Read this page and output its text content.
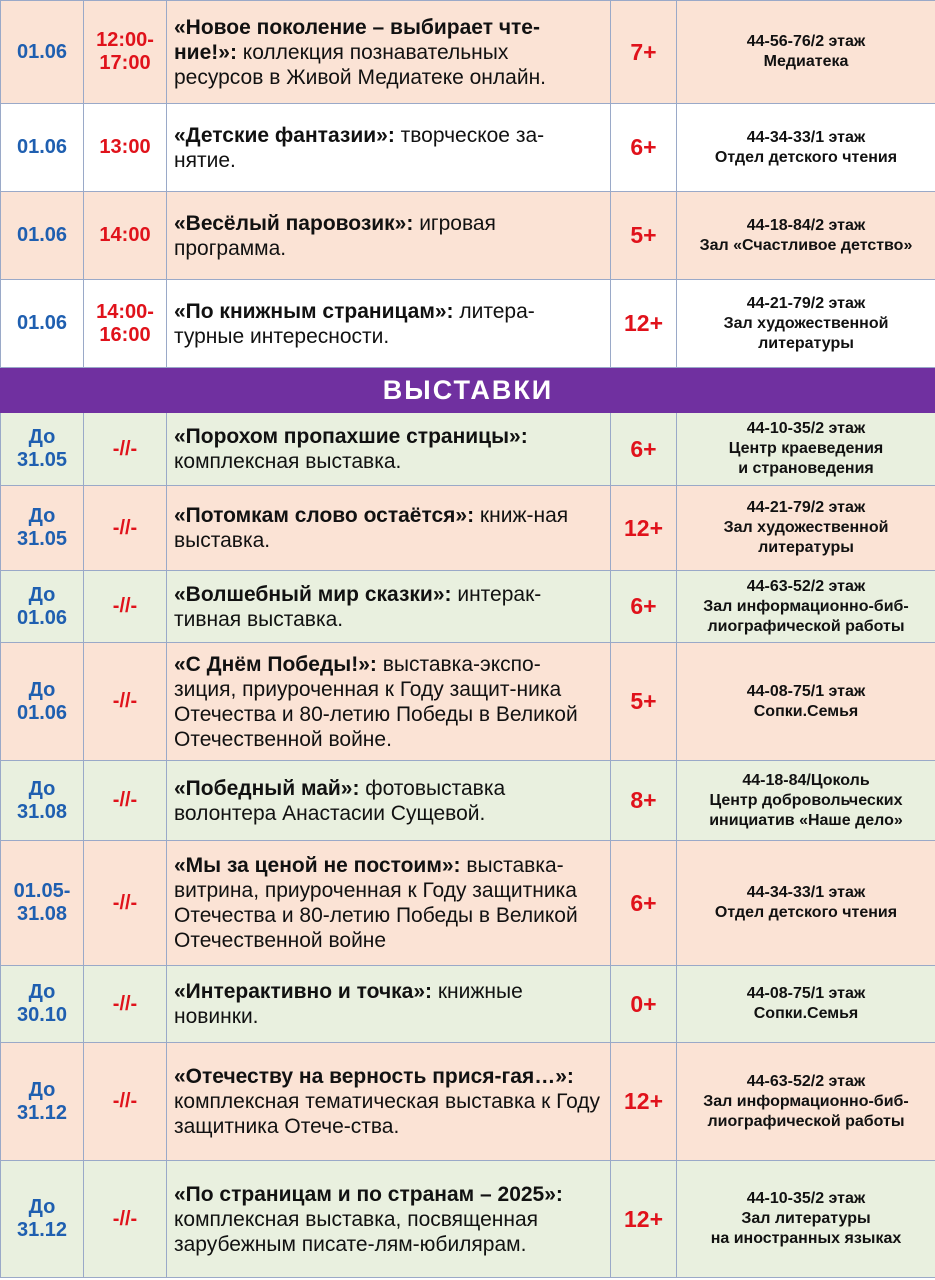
01.06	12:00-
17:00	«Новое поколение – выбирает чте-ние!»: коллекция познавательных ресурсов в Живой Медиатеке онлайн.	7+	44-56-76/2 этаж
Медиатека

01.06	13:00	«Детские фантазии»: творческое за-нятие.	6+	44-34-33/1 этаж
Отдел детского чтения

01.06	14:00	«Весёлый паровозик»: игровая программа.	5+	44-18-84/2 этаж
Зал «Счастливое детство»

01.06	14:00-
16:00	«По книжным страницам»: литера-турные интересности.	12+	44-21-79/2 этаж
Зал художественной
литературы

ВЫСТАВКИ				

До
31.05	-//-	«Порохом пропахшие страницы»: комплексная выставка.	6+	44-10-35/2 этаж
Центр краеведения
и страноведения

До
31.05	-//-	«Потомкам слово остаётся»: книж-ная выставка.	12+	44-21-79/2 этаж
Зал художественной
литературы

До
01.06	-//-	«Волшебный мир сказки»: интерак-тивная выставка.	6+	44-63-52/2 этаж
Зал информационно-биб-
лиографической работы

До
01.06	-//-	«С Днём Победы!»: выставка-экспо-зиция, приуроченная к Году защит-ника Отечества и 80-летию Победы в Великой Отечественной войне.	5+	44-08-75/1 этаж
Сопки.Семья

До
31.08	-//-	«Победный май»: фотовыставка волонтера Анастасии Сущевой.	8+	44-18-84/Цоколь
Центр добровольческих
инициатив «Наше дело»

01.05-
31.08	-//-	«Мы за ценой не постоим»: выставка-витрина, приуроченная к Году защитника Отечества и 80-летию Победы в Великой Отечественной войне	6+	44-34-33/1 этаж
Отдел детского чтения

До
30.10	-//-	«Интерактивно и точка»: книжные новинки.	0+	44-08-75/1 этаж
Сопки.Семья

До
31.12	-//-	«Отечеству на верность прися-гая…»: комплексная тематическая выставка к Году защитника Отече-ства.	12+	44-63-52/2 этаж
Зал информационно-биб-
лиографической работы

До
31.12	-//-	«По страницам и по странам – 2025»: комплексная выставка, посвященная зарубежным писате-лям-юбилярам.	12+	44-10-35/2 этаж
Зал литературы
на иностранных языках
